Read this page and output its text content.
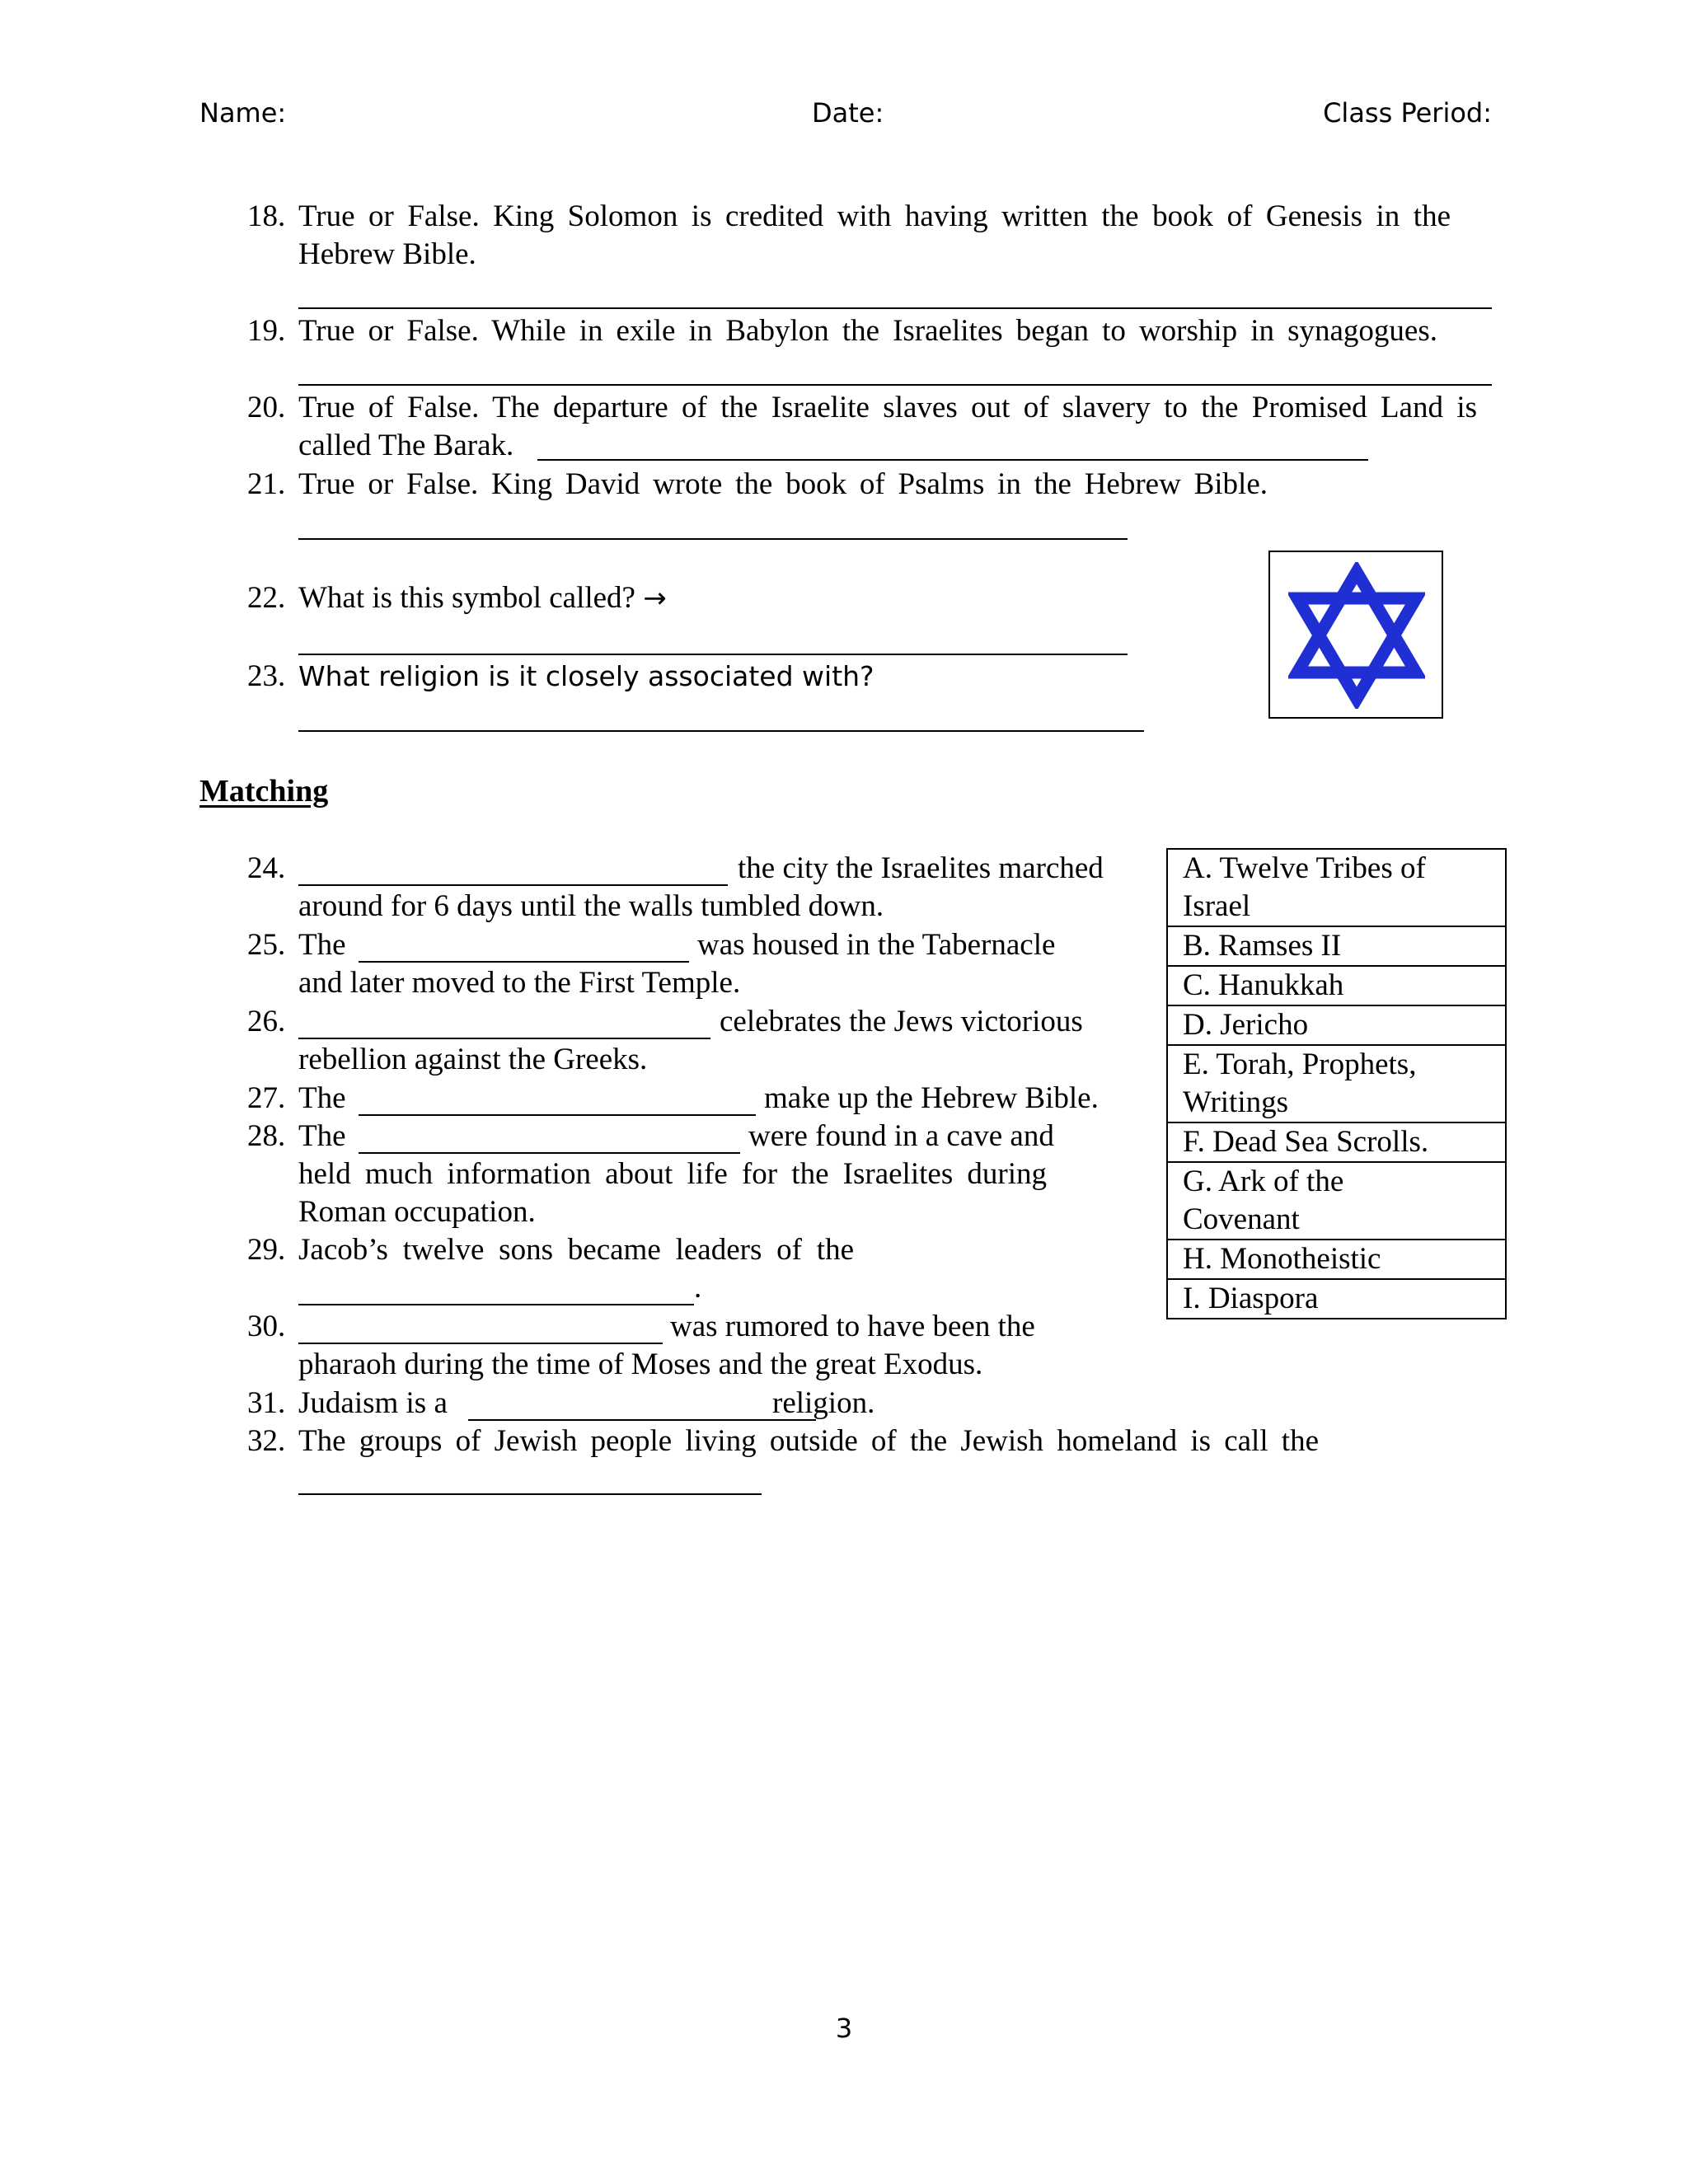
Name:	Date:	Class Period:
18. True or False. King Solomon is credited with having written the book of Genesis in the
Hebrew Bible.
19. True or False. While in exile in Babylon the Israelites began to worship in synagogues.
20. True of False. The departure of the Israelite slaves out of slavery to the Promised Land is
called The Barak.
21. True or False. King David wrote the book of Psalms in the Hebrew Bible.
22. What is this symbol called? →
23. What religion is it closely associated with?
Matching
24.	the city the Israelites marched
around for 6 days until the walls tumbled down.
25. The	was housed in the Tabernacle
and later moved to the First Temple.
26.	celebrates the Jews victorious
rebellion against the Greeks.
27. The	make up the Hebrew Bible.
28. The	were found in a cave and
held much information about life for the Israelites during
Roman occupation.
29. Jacob’s twelve sons became leaders of the
.
30.	was rumored to have been the
pharaoh during the time of Moses and the great Exodus.
31. Judaism is a	religion.
32. The groups of Jewish people living outside of the Jewish homeland is call the
A. Twelve Tribes of
Israel
B. Ramses II
C. Hanukkah
D. Jericho
E. Torah, Prophets,
Writings
F. Dead Sea Scrolls.
G. Ark of the
Covenant
H. Monotheistic
I. Diaspora
3
